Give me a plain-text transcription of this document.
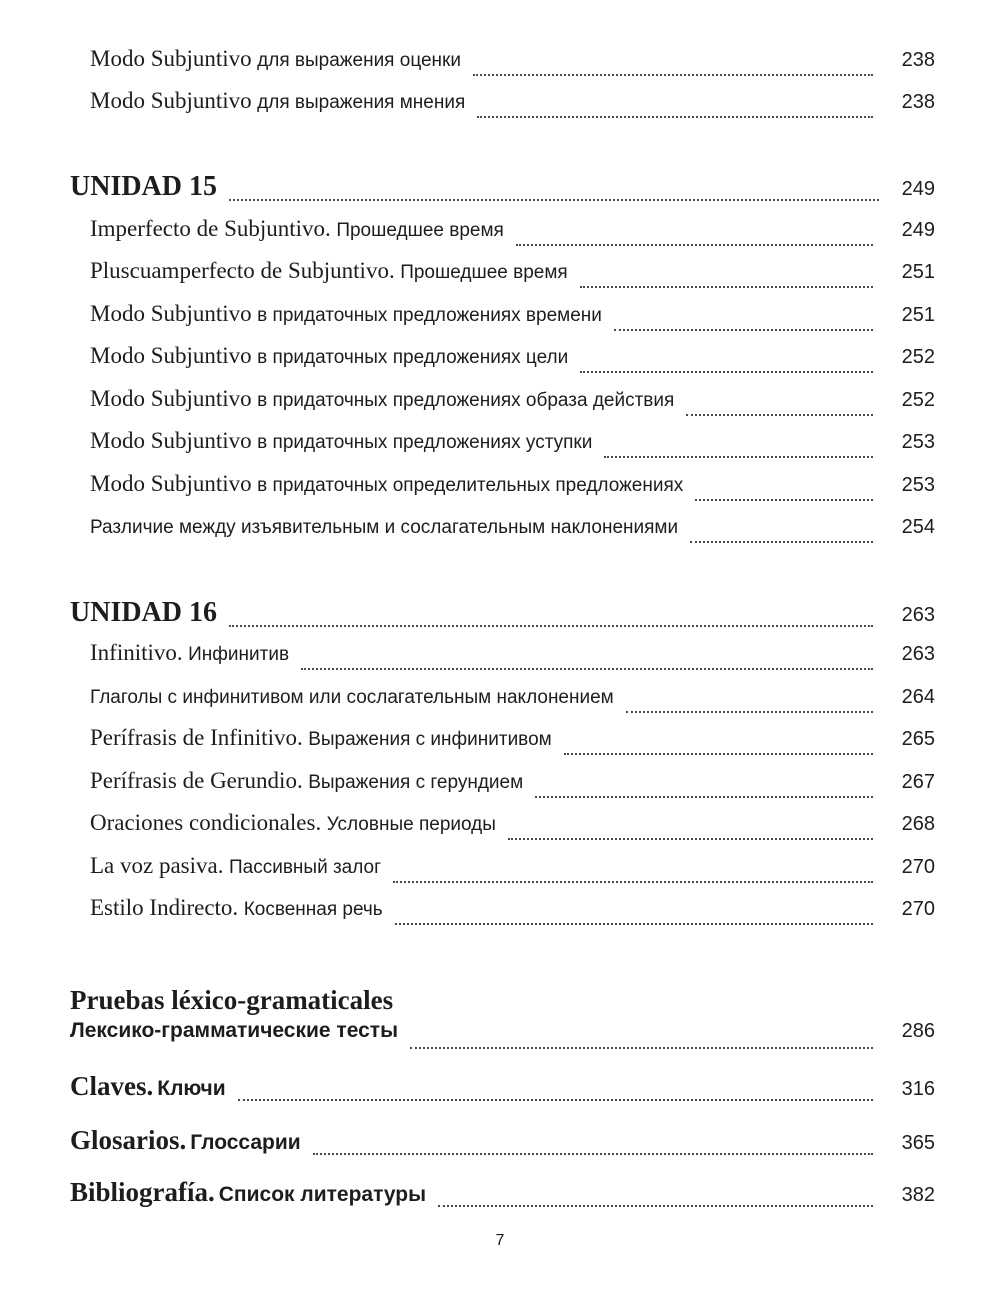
Modo Subjuntivo для выражения оценки	238
Modo Subjuntivo для выражения мнения	238
UNIDAD 15	249
Imperfecto de Subjuntivo. Прошедшее время	249
Pluscuamperfecto de Subjuntivo. Прошедшее время	251
Modo Subjuntivo в придаточных предложениях времени	251
Modo Subjuntivo в придаточных предложениях цели	252
Modo Subjuntivo в придаточных предложениях образа действия	252
Modo Subjuntivo в придаточных предложениях уступки	253
Modo Subjuntivo в придаточных определительных предложениях	253
Различие между изъявительным и сослагательным наклонениями	254
UNIDAD 16	263
Infinitivo. Инфинитив	263
Глаголы с инфинитивом или сослагательным наклонением	264
Perífrasis de Infinitivo. Выражения с инфинитивом	265
Perífrasis de Gerundio. Выражения с герундием	267
Oraciones condicionales. Условные периоды	268
La voz pasiva. Пассивный залог	270
Estilo Indirecto. Косвенная речь	270
Pruebas léxico-gramaticales
Лексико-грамматические тесты	286
Claves. Ключи	316
Glosarios. Глоссарии	365
Bibliografía. Список литературы	382
7
